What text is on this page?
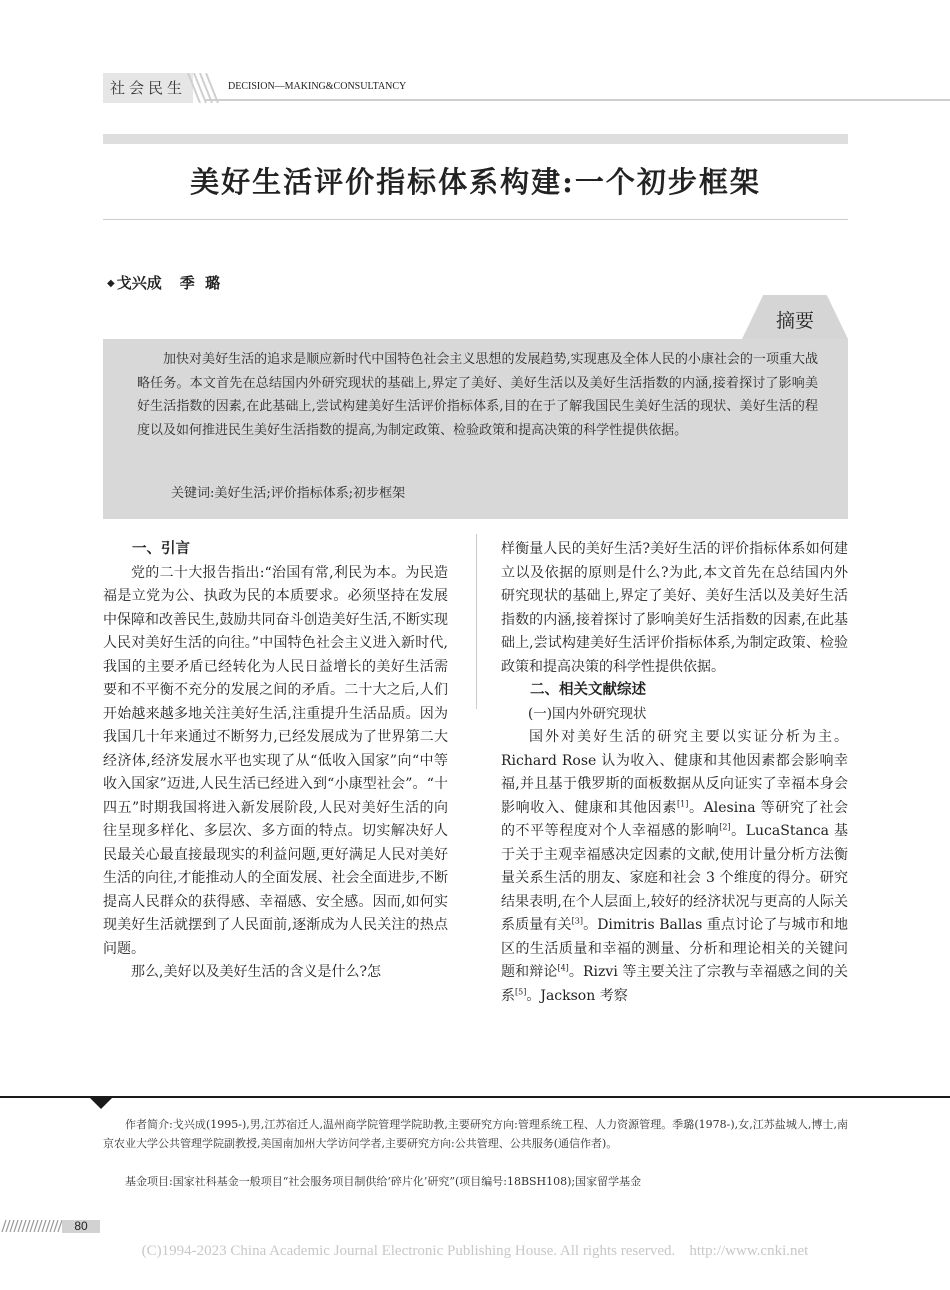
社会民生	DECISION—MAKING&CONSULTANCY
美好生活评价指标体系构建:一个初步框架
◆ 戈兴成 季  璐
摘要
加快对美好生活的追求是顺应新时代中国特色社会主义思想的发展趋势,实现惠及全体人民的小康社会的一项重大战略任务。本文首先在总结国内外研究现状的基础上,界定了美好、美好生活以及美好生活指数的内涵,接着探讨了影响美好生活指数的因素,在此基础上,尝试构建美好生活评价指标体系,目的在于了解我国民生美好生活的现状、美好生活的程度以及如何推进民生美好生活指数的提高,为制定政策、检验政策和提高决策的科学性提供依据。
关键词:美好生活;评价指标体系;初步框架

一、引言

党的二十大报告指出:“治国有常,利民为本。为民造福是立党为公、执政为民的本质要求。必须坚持在发展中保障和改善民生,鼓励共同奋斗创造美好生活,不断实现人民对美好生活的向往。”中国特色社会主义进入新时代,我国的主要矛盾已经转化为人民日益增长的美好生活需要和不平衡不充分的发展之间的矛盾。二十大之后,人们开始越来越多地关注美好生活,注重提升生活品质。因为我国几十年来通过不断努力,已经发展成为了世界第二大经济体,经济发展水平也实现了从“低收入国家”向“中等收入国家”迈进,人民生活已经进入到“小康型社会”。“十四五”时期我国将进入新发展阶段,人民对美好生活的向往呈现多样化、多层次、多方面的特点。切实解决好人民最关心最直接最现实的利益问题,更好满足人民对美好生活的向往,才能推动人的全面发展、社会全面进步,不断提高人民群众的获得感、幸福感、安全感。因而,如何实现美好生活就摆到了人民面前,逐渐成为人民关注的热点问题。

那么,美好以及美好生活的含义是什么?怎

样衡量人民的美好生活?美好生活的评价指标体系如何建立以及依据的原则是什么?为此,本文首先在总结国内外研究现状的基础上,界定了美好、美好生活以及美好生活指数的内涵,接着探讨了影响美好生活指数的因素,在此基础上,尝试构建美好生活评价指标体系,为制定政策、检验政策和提高决策的科学性提供依据。

二、相关文献综述

(一)国内外研究现状

国外对美好生活的研究主要以实证分析为主。Richard Rose 认为收入、健康和其他因素都会影响幸福,并且基于俄罗斯的面板数据从反向证实了幸福本身会影响收入、健康和其他因素[1]。Alesina 等研究了社会的不平等程度对个人幸福感的影响[2]。LucaStanca 基于关于主观幸福感决定因素的文献,使用计量分析方法衡量关系生活的朋友、家庭和社会 3 个维度的得分。研究结果表明,在个人层面上,较好的经济状况与更高的人际关系质量有关[3]。Dimitris Ballas 重点讨论了与城市和地区的生活质量和幸福的测量、分析和理论相关的关键问题和辩论[4]。Rizvi 等主要关注了宗教与幸福感之间的关系[5]。Jackson 考察

作者简介:戈兴成(1995-),男,江苏宿迁人,温州商学院管理学院助教,主要研究方向:管理系统工程、人力资源管理。季璐(1978-),女,江苏盐城人,博士,南京农业大学公共管理学院副教授,美国南加州大学访问学者,主要研究方向:公共管理、公共服务(通信作者)。
基金项目:国家社科基金一般项目“社会服务项目制供给‘碎片化’研究”(项目编号:18BSH108);国家留学基金
80
(C)1994-2023 China Academic Journal Electronic Publishing House. All rights reserved. http://www.cnki.net
